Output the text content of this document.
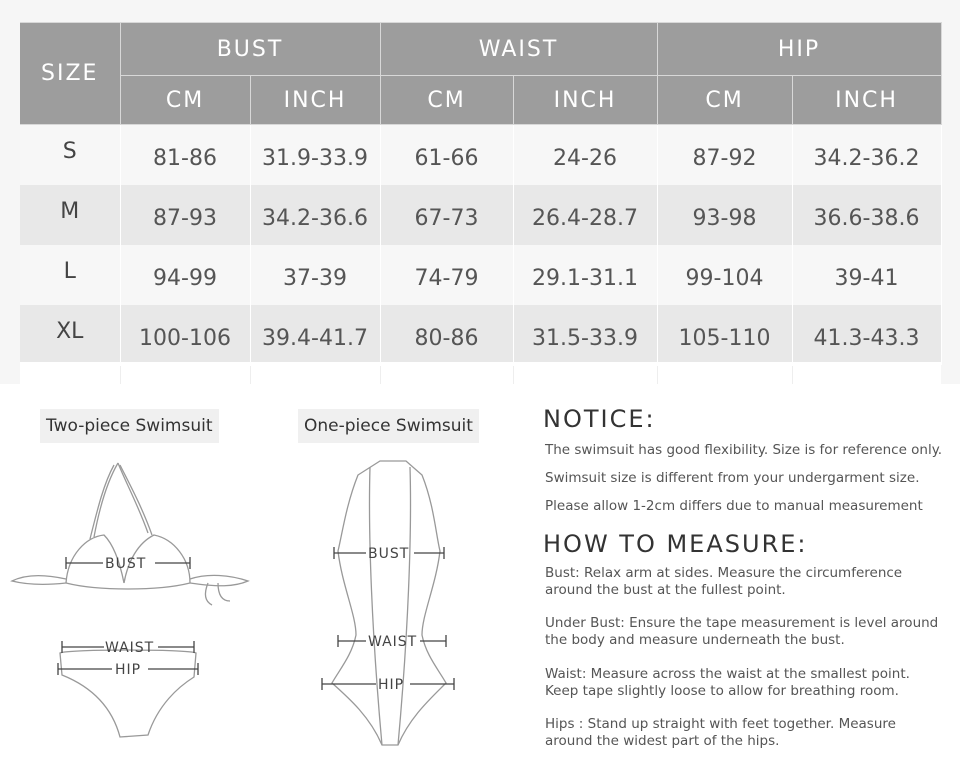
SIZE	BUST		WAIST		HIP	
	CM	INCH	CM	INCH	CM	INCH
S	81-86	31.9-33.9	61-66	24-26	87-92	34.2-36.2
M	87-93	34.2-36.6	67-73	26.4-28.7	93-98	36.6-38.6
L	94-99	37-39	74-79	29.1-31.1	99-104	39-41
XL	100-106	39.4-41.7	80-86	31.5-33.9	105-110	41.3-43.3
Two-piece Swimsuit
BUST
WAIST
HIP
One-piece Swimsuit
BUST
WAIST
HIP
NOTICE:
The swimsuit has good flexibility. Size is for reference only.
Swimsuit size is different from your undergarment size.
Please allow 1-2cm differs due to manual measurement
HOW TO MEASURE:
Bust: Relax arm at sides. Measure the circumference around the bust at the fullest point.
Under Bust: Ensure the tape measurement is level around the body and measure underneath the bust.
Waist: Measure across the waist at the smallest point. Keep tape slightly loose to allow for breathing room.
Hips : Stand up straight with feet together. Measure around the widest part of the hips.
